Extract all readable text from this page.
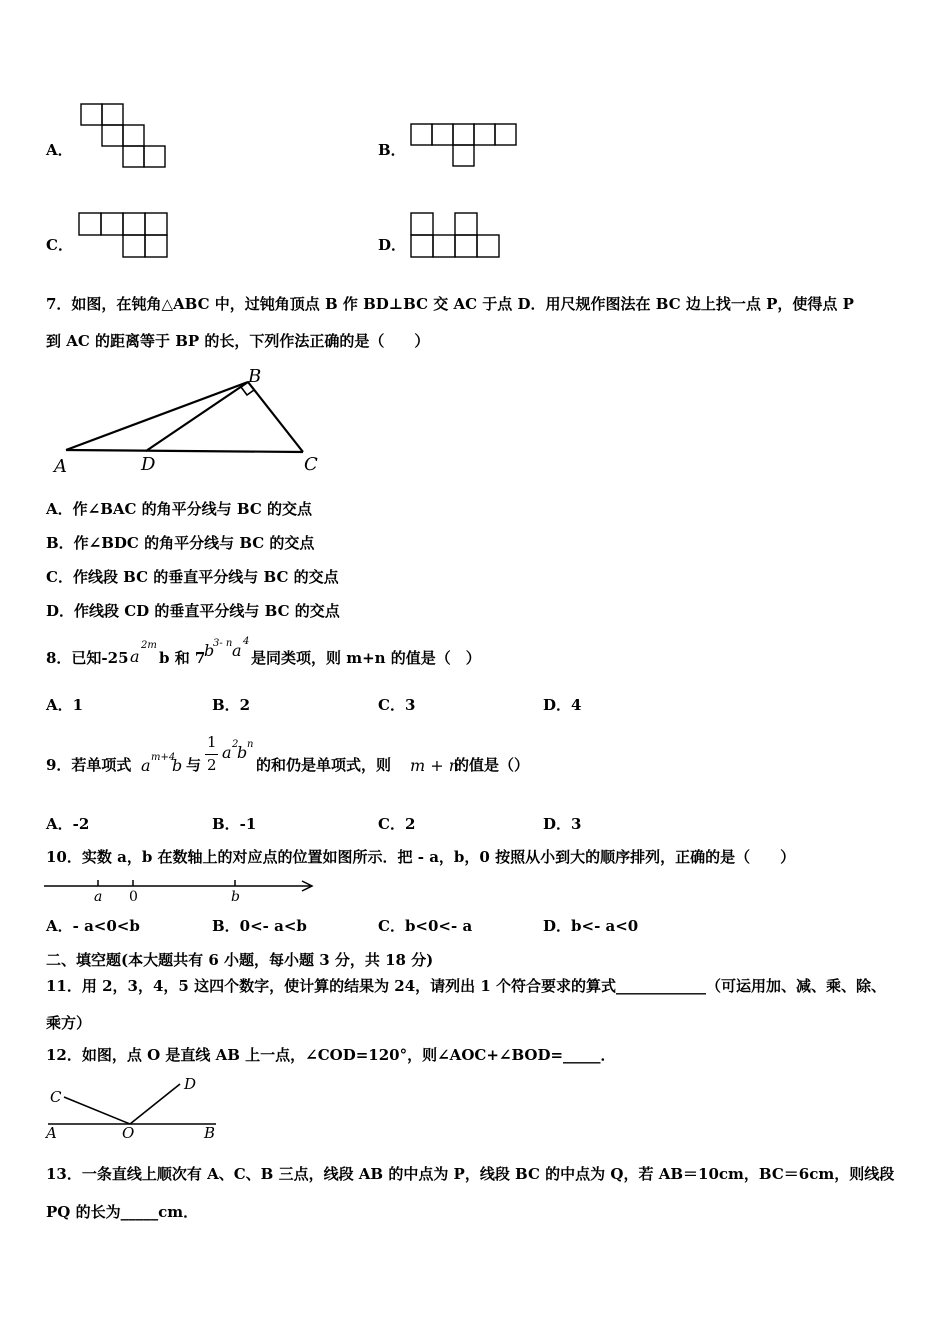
A．	B．
C．	D．
7．如图，在钝角△ABC 中，过钝角顶点 B 作 BD⊥BC 交 AC 于点 D．用尺规作图法在 BC 边上找一点 P，使得点 P
到 AC 的距离等于 BP 的长，下列作法正确的是（　　）
A	D	C
B
A．作∠BAC 的角平分线与 BC 的交点
B．作∠BDC 的角平分线与 BC 的交点
C．作线段 BC 的垂直平分线与 BC 的交点
D．作线段 CD 的垂直平分线与 BC 的交点
8．已知-25 a
2m
b 和 7
b
3- n a 4
是同类项，则 m+n 的值是（　）
A．1	B．2	C．3	D．4
9．若单项式 a m+4
b 与
1
2
a 2
b n
的和仍是单项式，则 m + n
的值是（）
A．-2	B．-1	C．2	D．3
10．实数 a，b 在数轴上的对应点的位置如图所示．把 - a，b，0 按照从小到大的顺序排列，正确的是（　　）
a 0	b
A．- a<0<b	B．0<- a<b	C．b<0<- a	D．b<- a<0
二、填空题(本大题共有 6 小题，每小题 3 分，共 18 分)
11．用 2，3，4，5 这四个数字，使计算的结果为 24，请列出 1 个符合要求的算式____________（可运用加、减、乘、除、
乘方）
12．如图，点 O 是直线 AB 上一点，∠COD=120°，则∠AOC+∠BOD=_____．
A	O	B
C
D
13．一条直线上顺次有 A、C、B 三点，线段 AB 的中点为 P，线段 BC 的中点为 Q，若 AB＝10cm，BC＝6cm，则线段
PQ 的长为_____cm．
